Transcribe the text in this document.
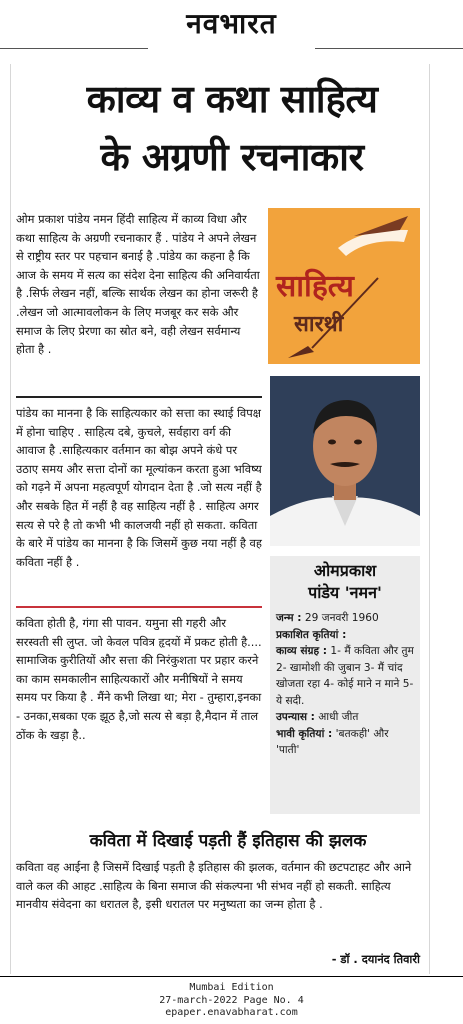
नवभारत
काव्य व कथा साहित्य
के अग्रणी रचनाकार
ओम प्रकाश पांडेय नमन हिंदी साहित्य में काव्य विधा और कथा साहित्य के अग्रणी रचनाकार हैं . पांडेय ने अपने लेखन से राष्ट्रीय स्तर पर पहचान बनाई है .पांडेय का कहना है कि आज के समय में सत्य का संदेश देना साहित्य की अनिवार्यता है .सिर्फ लेखन नहीं, बल्कि सार्थक लेखन का होना जरूरी है .लेखन जो आत्मावलोकन के लिए मजबूर कर सके और समाज के लिए प्रेरणा का स्रोत बने, वही लेखन सर्वमान्य होता है .
पांडेय का मानना है कि साहित्यकार को सत्ता का स्थाई विपक्ष में होना चाहिए . साहित्य दबे, कुचले, सर्वहारा वर्ग की आवाज है .साहित्यकार वर्तमान का बोझ अपने कंधे पर उठाए समय और सत्ता दोनों का मूल्यांकन करता हुआ भविष्य को गढ़ने में अपना महत्वपूर्ण योगदान देता है .जो सत्य नहीं है और सबके हित में नहीं है वह साहित्य नहीं है . साहित्य अगर सत्य से परे है तो कभी भी कालजयी नहीं हो सकता. कविता के बारे में पांडेय का मानना है कि जिसमें कुछ नया नहीं है वह कविता नहीं है .
कविता होती है, गंगा सी पावन. यमुना सी गहरी और सरस्वती सी लुप्त. जो केवल पवित्र हृदयों में प्रकट होती है.... सामाजिक कुरीतियों और सत्ता की निरंकुशता पर प्रहार करने का काम समकालीन साहित्यकारों और मनीषियों ने समय समय पर किया है . मैंने कभी लिखा था; मेरा - तुम्हारा,इनका - उनका,सबका एक झूठ है,जो सत्य से बड़ा है,मैदान में ताल ठोंक के खड़ा है..
साहित्य
सारथी
ओमप्रकाश
पांडेय 'नमन'
जन्म : 29 जनवरी 1960
प्रकाशित कृतियां :
काव्य संग्रह : 1- मैं कविता और तुम 2- खामोशी की जुबान 3- मैं चांद खोजता रहा 4- कोई माने न माने 5- ये सदी.
उपन्यास : आधी जीत
भावी कृतियां : 'बतकही' और 'पाती'
कविता में दिखाई पड़ती हैं इतिहास की झलक
कविता वह आईना है जिसमें दिखाई पड़ती है इतिहास की झलक, वर्तमान की छटपटाहट और आने वाले कल की आहट .साहित्य के बिना समाज की संकल्पना भी संभव नहीं हो सकती. साहित्य मानवीय संवेदना का धरातल है, इसी धरातल पर मनुष्यता का जन्म होता है .
- डॉ . दयानंद तिवारी
Mumbai Edition
27-march-2022 Page No. 4
epaper.enavabharat.com
